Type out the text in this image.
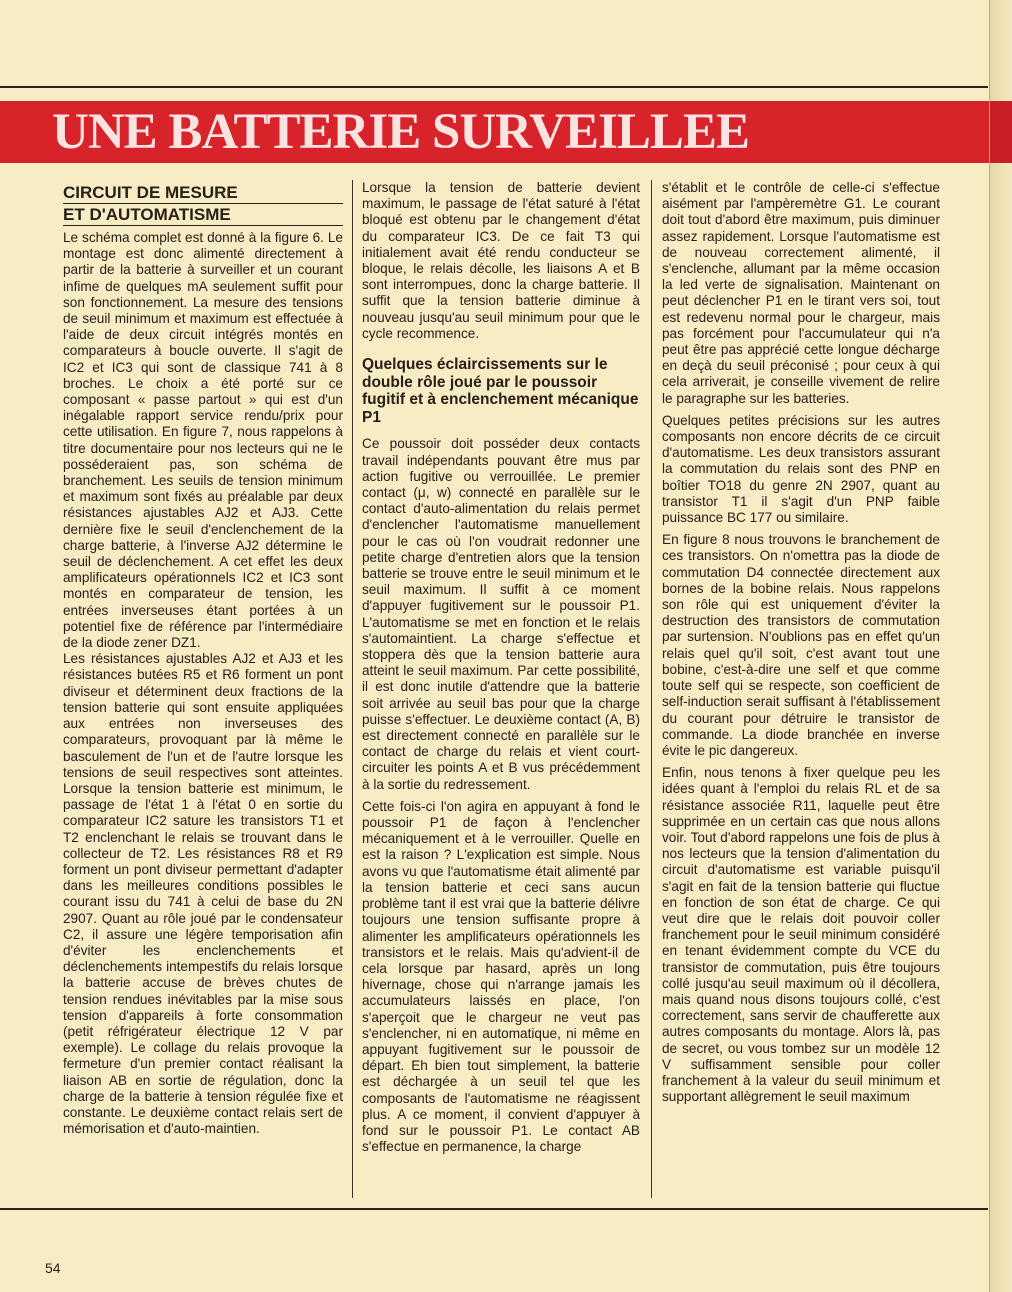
UNE BATTERIE SURVEILLEE
CIRCUIT DE MESURE
ET D'AUTOMATISME

Le schéma complet est donné à la figure 6. Le montage est donc alimenté directement à partir de la batterie à surveiller et un courant infime de quelques mA seulement suffit pour son fonctionnement. La mesure des tensions de seuil minimum et maximum est effectuée à l'aide de deux circuit intégrés montés en comparateurs à boucle ouverte. Il s'agit de IC2 et IC3 qui sont de classique 741 à 8 broches. Le choix a été porté sur ce composant « passe partout » qui est d'un inégalable rapport service rendu/prix pour cette utilisation. En figure 7, nous rappelons à titre documentaire pour nos lecteurs qui ne le posséderaient pas, son schéma de branchement. Les seuils de tension minimum et maximum sont fixés au préalable par deux résistances ajustables AJ2 et AJ3. Cette dernière fixe le seuil d'enclenchement de la charge batterie, à l'inverse AJ2 détermine le seuil de déclenchement. A cet effet les deux amplificateurs opérationnels IC2 et IC3 sont montés en comparateur de tension, les entrées inverseuses étant portées à un potentiel fixe de référence par l'intermédiaire de la diode zener DZ1.

Les résistances ajustables AJ2 et AJ3 et les résistances butées R5 et R6 forment un pont diviseur et déterminent deux fractions de la tension batterie qui sont ensuite appliquées aux entrées non inverseuses des comparateurs, provoquant par là même le basculement de l'un et de l'autre lorsque les tensions de seuil respectives sont atteintes. Lorsque la tension batterie est minimum, le passage de l'état 1 à l'état 0 en sortie du comparateur IC2 sature les transistors T1 et T2 enclenchant le relais se trouvant dans le collecteur de T2. Les résistances R8 et R9 forment un pont diviseur permettant d'adapter dans les meilleures conditions possibles le courant issu du 741 à celui de base du 2N 2907. Quant au rôle joué par le condensateur C2, il assure une légère temporisation afin d'éviter les enclenchements et déclenchements intempestifs du relais lorsque la batterie accuse de brèves chutes de tension rendues inévitables par la mise sous tension d'appareils à forte consommation (petit réfrigérateur électrique 12 V par exemple). Le collage du relais provoque la fermeture d'un premier contact réalisant la liaison AB en sortie de régulation, donc la charge de la batterie à tension régulée fixe et constante. Le deuxième contact relais sert de mémorisation et d'auto-maintien.

Lorsque la tension de batterie devient maximum, le passage de l'état saturé à l'état bloqué est obtenu par le changement d'état du comparateur IC3. De ce fait T3 qui initialement avait été rendu conducteur se bloque, le relais décolle, les liaisons A et B sont interrompues, donc la charge batterie. Il suffit que la tension batterie diminue à nouveau jusqu'au seuil minimum pour que le cycle recommence.

Quelques éclaircissements sur le double rôle joué par le poussoir fugitif et à enclenchement mécanique P1

Ce poussoir doit posséder deux contacts travail indépendants pouvant être mus par action fugitive ou verrouillée. Le premier contact (μ, w) connecté en parallèle sur le contact d'auto-alimentation du relais permet d'enclencher l'automatisme manuellement pour le cas où l'on voudrait redonner une petite charge d'entretien alors que la tension batterie se trouve entre le seuil minimum et le seuil maximum. Il suffit à ce moment d'appuyer fugitivement sur le poussoir P1. L'automatisme se met en fonction et le relais s'automaintient. La charge s'effectue et stoppera dès que la tension batterie aura atteint le seuil maximum. Par cette possibilité, il est donc inutile d'attendre que la batterie soit arrivée au seuil bas pour que la charge puisse s'effectuer. Le deuxième contact (A, B) est directement connecté en parallèle sur le contact de charge du relais et vient court-circuiter les points A et B vus précédemment à la sortie du redressement.

Cette fois-ci l'on agira en appuyant à fond le poussoir P1 de façon à l'enclencher mécaniquement et à le verrouiller. Quelle en est la raison ? L'explication est simple. Nous avons vu que l'automatisme était alimenté par la tension batterie et ceci sans aucun problème tant il est vrai que la batterie délivre toujours une tension suffisante propre à alimenter les amplificateurs opérationnels les transistors et le relais. Mais qu'advient-il de cela lorsque par hasard, après un long hivernage, chose qui n'arrange jamais les accumulateurs laissés en place, l'on s'aperçoit que le chargeur ne veut pas s'enclencher, ni en automatique, ni même en appuyant fugitivement sur le poussoir de départ. Eh bien tout simplement, la batterie est déchargée à un seuil tel que les composants de l'automatisme ne réagissent plus. A ce moment, il convient d'appuyer à fond sur le poussoir P1. Le contact AB s'effectue en permanence, la charge

s'établit et le contrôle de celle-ci s'effectue aisément par l'ampèremètre G1. Le courant doit tout d'abord être maximum, puis diminuer assez rapidement. Lorsque l'automatisme est de nouveau correctement alimenté, il s'enclenche, allumant par la même occasion la led verte de signalisation. Maintenant on peut déclencher P1 en le tirant vers soi, tout est redevenu normal pour le chargeur, mais pas forcément pour l'accumulateur qui n'a peut être pas apprécié cette longue décharge en deçà du seuil préconisé ; pour ceux à qui cela arriverait, je conseille vivement de relire le paragraphe sur les batteries.

Quelques petites précisions sur les autres composants non encore décrits de ce circuit d'automatisme. Les deux transistors assurant la commutation du relais sont des PNP en boîtier TO18 du genre 2N 2907, quant au transistor T1 il s'agit d'un PNP faible puissance BC 177 ou similaire.

En figure 8 nous trouvons le branchement de ces transistors. On n'omettra pas la diode de commutation D4 connectée directement aux bornes de la bobine relais. Nous rappelons son rôle qui est uniquement d'éviter la destruction des transistors de commutation par surtension. N'oublions pas en effet qu'un relais quel qu'il soit, c'est avant tout une bobine, c'est-à-dire une self et que comme toute self qui se respecte, son coefficient de self-induction serait suffisant à l'établissement du courant pour détruire le transistor de commande. La diode branchée en inverse évite le pic dangereux.

Enfin, nous tenons à fixer quelque peu les idées quant à l'emploi du relais RL et de sa résistance associée R11, laquelle peut être supprimée en un certain cas que nous allons voir. Tout d'abord rappelons une fois de plus à nos lecteurs que la tension d'alimentation du circuit d'automatisme est variable puisqu'il s'agit en fait de la tension batterie qui fluctue en fonction de son état de charge. Ce qui veut dire que le relais doit pouvoir coller franchement pour le seuil minimum considéré en tenant évidemment compte du VCE du transistor de commutation, puis être toujours collé jusqu'au seuil maximum où il décollera, mais quand nous disons toujours collé, c'est correctement, sans servir de chaufferette aux autres composants du montage. Alors là, pas de secret, ou vous tombez sur un modèle 12 V suffisamment sensible pour coller franchement à la valeur du seuil minimum et supportant allègrement le seuil maximum

54
